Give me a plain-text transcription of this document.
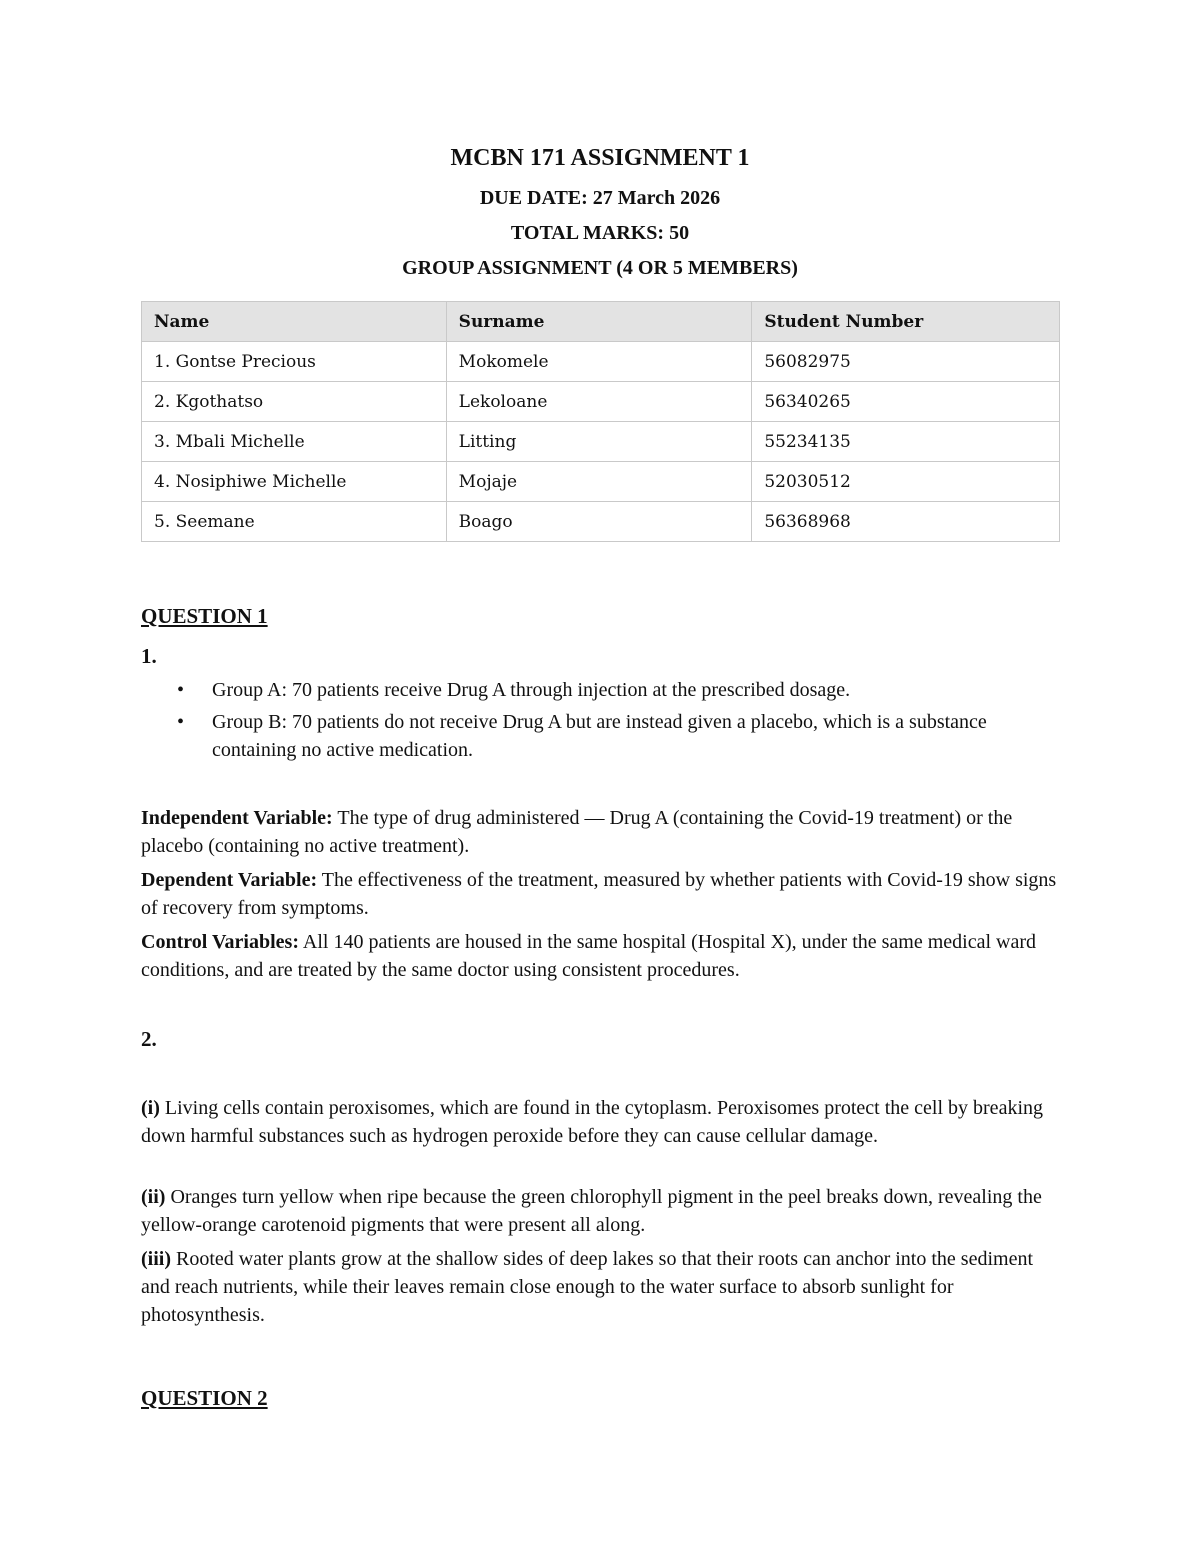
MCBN 171 ASSIGNMENT 1

DUE DATE: 27 March 2026

TOTAL MARKS: 50

GROUP ASSIGNMENT (4 OR 5 MEMBERS)

Name	Surname	Student Number
1. Gontse Precious	Mokomele	56082975
2. Kgothatso	Lekoloane	56340265
3. Mbali Michelle	Litting	55234135
4. Nosiphiwe Michelle	Mojaje	52030512
5. Seemane	Boago	56368968
QUESTION 1
1.
• Group A: 70 patients receive Drug A through injection at the prescribed dosage.
• Group B: 70 patients do not receive Drug A but are instead given a placebo, which is a substance containing no active medication.

Independent Variable: The type of drug administered — Drug A (containing the Covid-19 treatment) or the placebo (containing no active treatment).

Dependent Variable: The effectiveness of the treatment, measured by whether patients with Covid-19 show signs of recovery from symptoms.

Control Variables: All 140 patients are housed in the same hospital (Hospital X), under the same medical ward conditions, and are treated by the same doctor using consistent procedures.

2.

(i) Living cells contain peroxisomes, which are found in the cytoplasm. Peroxisomes protect the cell by breaking down harmful substances such as hydrogen peroxide before they can cause cellular damage.

(ii) Oranges turn yellow when ripe because the green chlorophyll pigment in the peel breaks down, revealing the yellow-orange carotenoid pigments that were present all along.

(iii) Rooted water plants grow at the shallow sides of deep lakes so that their roots can anchor into the sediment and reach nutrients, while their leaves remain close enough to the water surface to absorb sunlight for photosynthesis.

QUESTION 2
